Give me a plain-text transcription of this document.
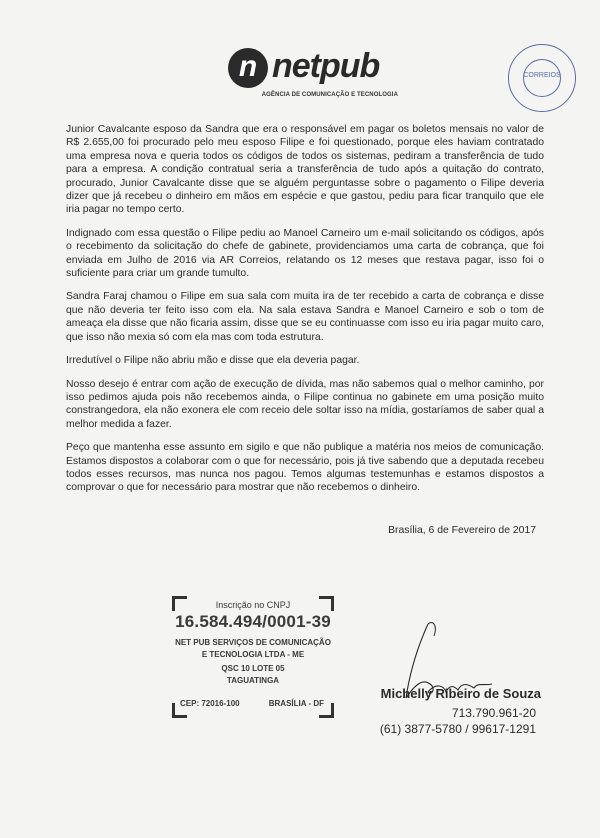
n netpub
AGÊNCIA DE COMUNICAÇÃO E TECNOLOGIA
CORREIOS

Junior Cavalcante esposo da Sandra que era o responsável em pagar os boletos mensais no valor de R$ 2.655,00 foi procurado pelo meu esposo Filipe e foi questionado, porque eles haviam contratado uma empresa nova e queria todos os códigos de todos os sistemas, pediram a transferência de tudo para a empresa. A condição contratual seria a transferência de tudo após a quitação do contrato, procurado, Junior Cavalcante disse que se alguém perguntasse sobre o pagamento o Filipe deveria dizer que já recebeu o dinheiro em mãos em espécie e que gastou, pediu para ficar tranquilo que ele iria pagar no tempo certo.

Indignado com essa questão o Filipe pediu ao Manoel Carneiro um e-mail solicitando os códigos, após o recebimento da solicitação do chefe de gabinete, providenciamos uma carta de cobrança, que foi enviada em Julho de 2016 via AR Correios, relatando os 12 meses que restava pagar, isso foi o suficiente para criar um grande tumulto.

Sandra Faraj chamou o Filipe em sua sala com muita ira de ter recebido a carta de cobrança e disse que não deveria ter feito isso com ela. Na sala estava Sandra e Manoel Carneiro e sob o tom de ameaça ela disse que não ficaria assim, disse que se eu continuasse com isso eu iria pagar muito caro, que isso não mexia só com ela mas com toda estrutura.

Irredutível o Filipe não abriu mão e disse que ela deveria pagar.

Nosso desejo é entrar com ação de execução de dívida, mas não sabemos qual o melhor caminho, por isso pedimos ajuda pois não recebemos ainda, o Filipe continua no gabinete em uma posição muito constrangedora, ela não exonera ele com receio dele soltar isso na mídia, gostaríamos de saber qual a melhor medida a fazer.

Peço que mantenha esse assunto em sigilo e que não publique a matéria nos meios de comunicação. Estamos dispostos a colaborar com o que for necessário, pois já tive sabendo que a deputada recebeu todos esses recursos, mas nunca nos pagou. Temos algumas testemunhas e estamos dispostos a comprovar o que for necessário para mostrar que não recebemos o dinheiro.

Brasília, 6 de Fevereiro de 2017
Inscrição no CNPJ
16.584.494/0001-39
NET PUB SERVIÇOS DE COMUNICAÇÃO
E TECNOLOGIA LTDA - ME
QSC 10 LOTE 05
TAGUATINGA
CEP: 72016-100	BRASÍLIA - DF
Michelly Ribeiro de Souza
713.790.961-20
(61) 3877-5780 / 99617-1291
